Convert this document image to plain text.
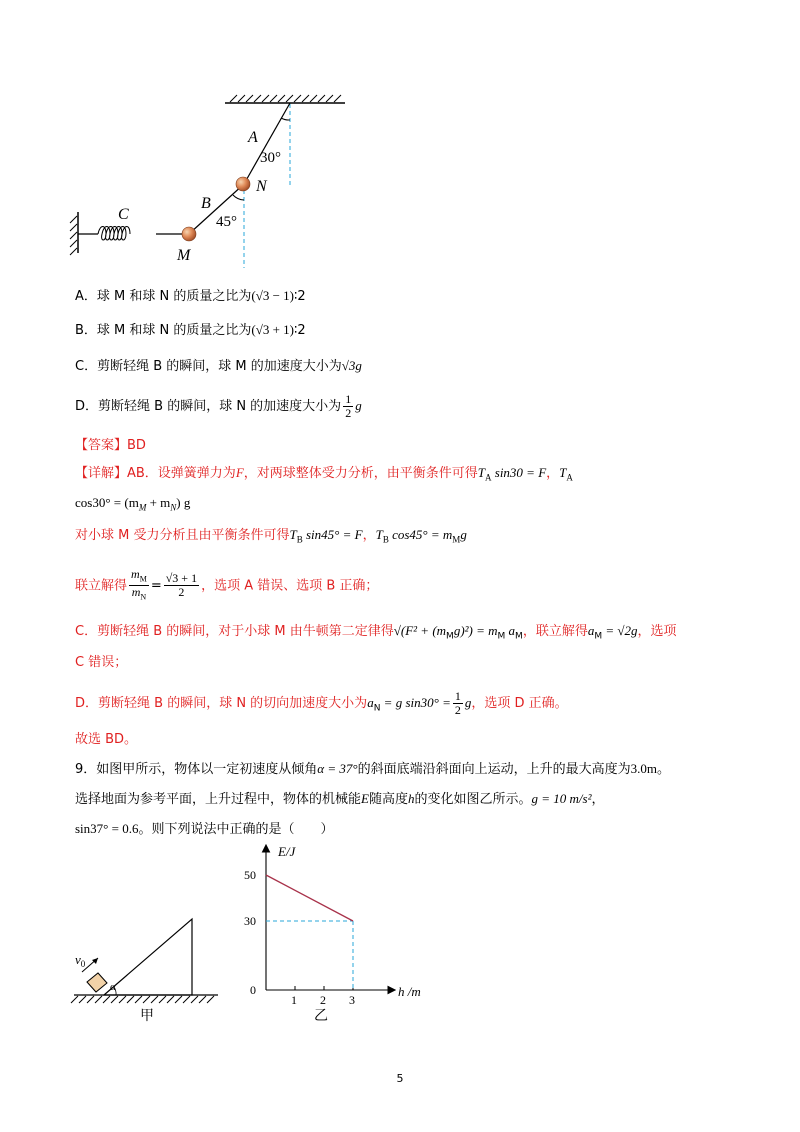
A
30°
N
B
45°
C
M
A．球 M 和球 N 的质量之比为(√3 − 1)∶2
B．球 M 和球 N 的质量之比为(√3 + 1)∶2
C．剪断轻绳 B 的瞬间，球 M 的加速度大小为√3g
D．剪断轻绳 B 的瞬间，球 N 的加速度大小为 $\frac{1}{2}$ g
【答案】BD
【详解】AB．设弹簧弹力为F，对两球整体受力分析，由平衡条件可得$T_A$ sin30 = F，$T_A$
$\cos 30^\circ = (m_M + m_N)$ g
对小球 M 受力分析且由平衡条件可得$T_B$ sin45° = F，$T_B$ $\cos 45^\circ = m_Mg$
联立解得 $\frac{m_M}{m_N} = \frac{√3 + 1}{2}$ ，选项 A 错误、选项 B 正确；
C．剪断轻绳 B 的瞬间，对于小球 M 由牛顿第二定律得$√(F^2 + (m_Mg)^2) = m_M$ $a_M$，联立解得$a_M = √2g$，选项
C 错误；
D．剪断轻绳 B 的瞬间，球 N 的切向加速度大小为$a_N = g$ $\sin 30^\circ = \frac{1}{2}$ g，选项 D 正确。
故选 BD。
9．如图甲所示，物体以一定初速度从倾角α = 37°的斜面底端沿斜面向上运动，上升的最大高度为3.0m。
选择地面为参考平面，上升过程中，物体的机械能E随高度h的变化如图乙所示。g = 10 m/s²，
sin37° = 0.6。则下列说法中正确的是（　　）
$v_0$
α
甲
E/J
h /m
0
1 2 3
30
50
乙
5
